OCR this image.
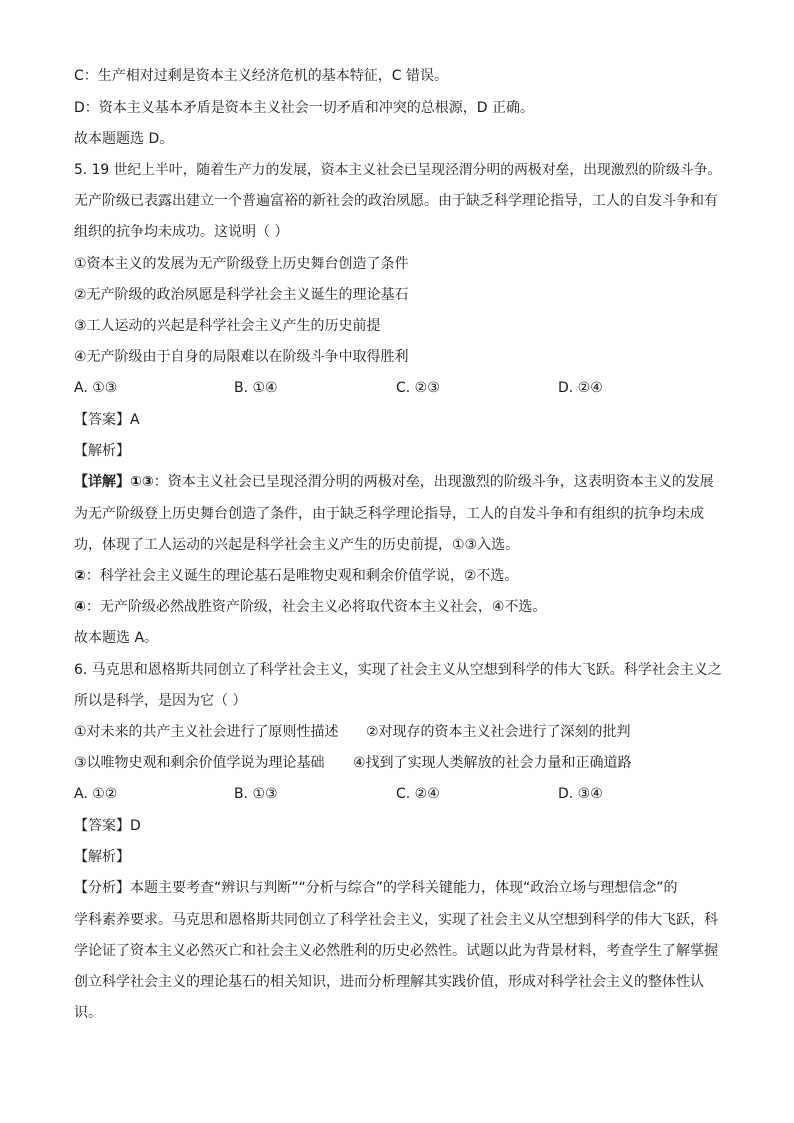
C：生产相对过剩是资本主义经济危机的基本特征，C 错误。
D：资本主义基本矛盾是资本主义社会一切矛盾和冲突的总根源，D 正确。
故本题题选 D。
5. 19 世纪上半叶，随着生产力的发展，资本主义社会已呈现泾渭分明的两极对垒，出现激烈的阶级斗争。
无产阶级已表露出建立一个普遍富裕的新社会的政治夙愿。由于缺乏科学理论指导，工人的自发斗争和有
组织的抗争均未成功。这说明（ ）
①资本主义的发展为无产阶级登上历史舞台创造了条件
②无产阶级的政治夙愿是科学社会主义诞生的理论基石
③工人运动的兴起是科学社会主义产生的历史前提
④无产阶级由于自身的局限难以在阶级斗争中取得胜利
A. ①③	B. ①④	C. ②③	D. ②④
【答案】A
【解析】
【详解】①③：资本主义社会已呈现泾渭分明的两极对垒，出现激烈的阶级斗争，这表明资本主义的发展
为无产阶级登上历史舞台创造了条件，由于缺乏科学理论指导，工人的自发斗争和有组织的抗争均未成
功，体现了工人运动的兴起是科学社会主义产生的历史前提，①③入选。
②：科学社会主义诞生的理论基石是唯物史观和剩余价值学说，②不选。
④：无产阶级必然战胜资产阶级，社会主义必将取代资本主义社会，④不选。
故本题选 A。
6. 马克思和恩格斯共同创立了科学社会主义，实现了社会主义从空想到科学的伟大飞跃。科学社会主义之
所以是科学，是因为它（ ）
①对未来的共产主义社会进行了原则性描述 ②对现存的资本主义社会进行了深刻的批判
③以唯物史观和剩余价值学说为理论基础 ④找到了实现人类解放的社会力量和正确道路
A. ①②	B. ①③	C. ②④	D. ③④
【答案】D
【解析】
【分析】本题主要考查“辨识与判断”“分析与综合”的学科关键能力，体现“政治立场与理想信念”的
学科素养要求。马克思和恩格斯共同创立了科学社会主义，实现了社会主义从空想到科学的伟大飞跃，科
学论证了资本主义必然灭亡和社会主义必然胜利的历史必然性。试题以此为背景材料，考查学生了解掌握
创立科学社会主义的理论基石的相关知识，进而分析理解其实践价值，形成对科学社会主义的整体性认
识。
